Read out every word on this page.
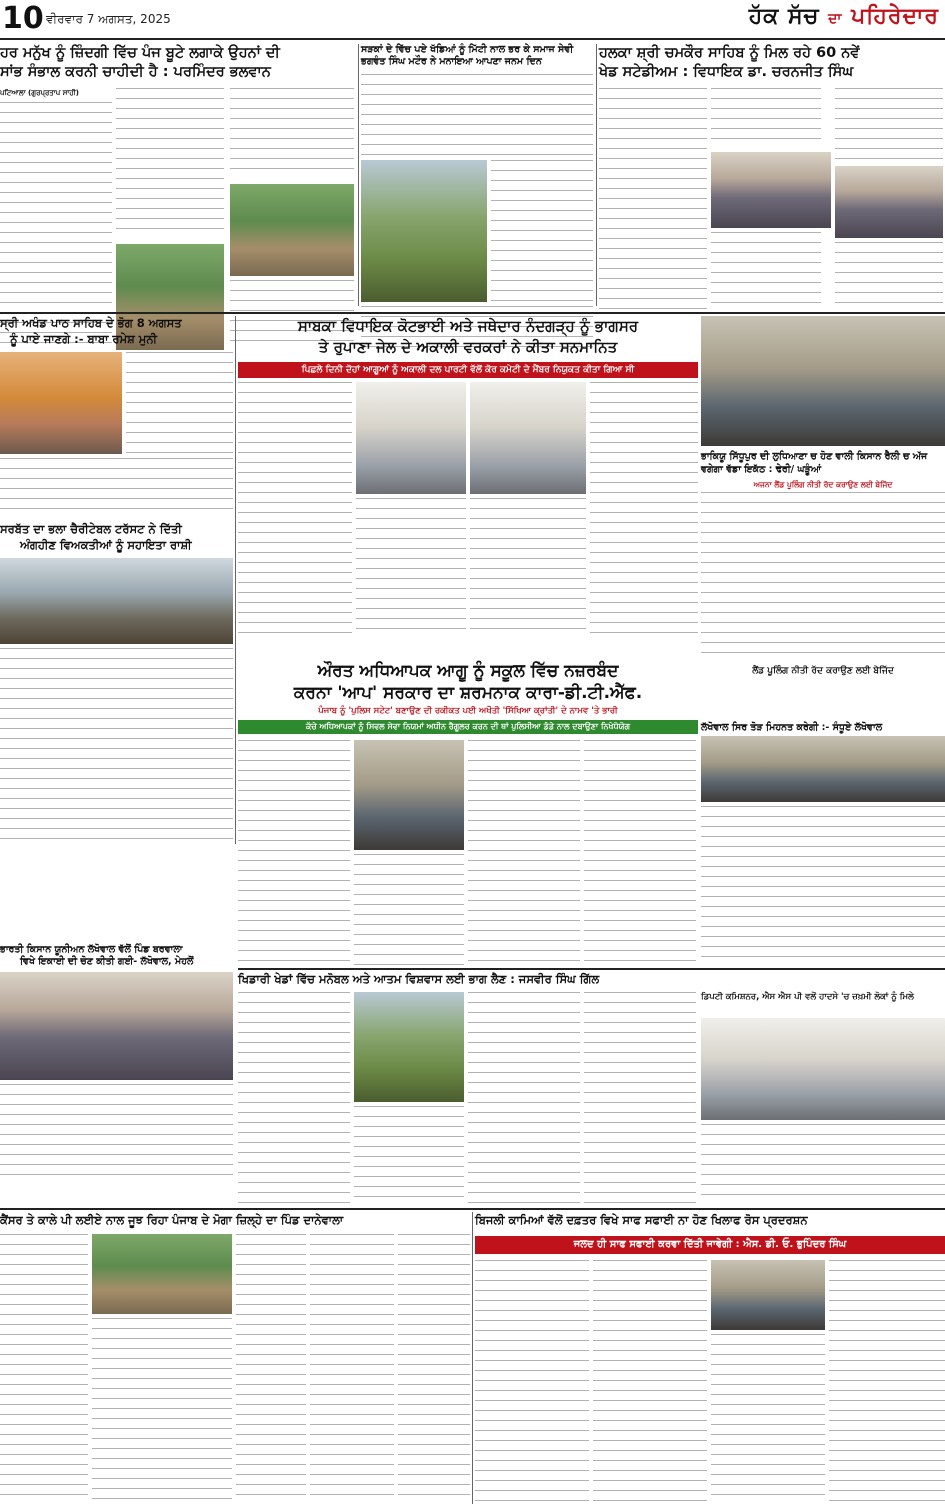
10 ਵੀਰਵਾਰ 7 ਅਗਸਤ, 2025	ਹੱਕ ਸੱਚ ਦਾ ਪਹਿਰੇਦਾਰ
ਹਰ ਮਨੁੱਖ ਨੂੰ ਜ਼ਿੰਦਗੀ ਵਿੱਚ ਪੰਜ ਬੂਟੇ ਲਗਾਕੇ ਉਹਨਾਂ ਦੀ
ਸਾਂਭ ਸੰਭਾਲ ਕਰਨੀ ਚਾਹੀਦੀ ਹੈ : ਪਰਮਿੰਦਰ ਭਲਵਾਨ
ਪਟਿਆਲਾ (ਗੁਰਪ੍ਰਤਾਪ ਸਾਹੀ)
ਸੜਕਾਂ ਦੇ ਵਿੱਚ ਪਏ ਖੱਡਿਆਂ ਨੂੰ ਮਿੱਟੀ ਨਾਲ ਭਰ ਕੇ ਸਮਾਜ ਸੇਵੀ ਭਗਵੰਤ ਸਿੰਘ ਮਟੌਰ ਨੇ ਮਨਾਇਆ ਆਪਣਾ ਜਨਮ ਦਿਨ
ਹਲਕਾ ਸ਼੍ਰੀ ਚਮਕੌਰ ਸਾਹਿਬ ਨੂੰ ਮਿਲ ਰਹੇ 60 ਨਵੇਂ
ਖੇਡ ਸਟੇਡੀਅਮ : ਵਿਧਾਇਕ ਡਾ. ਚਰਨਜੀਤ ਸਿੰਘ
ਸ੍ਰੀ ਅਖੰਡ ਪਾਠ ਸਾਹਿਬ ਦੇ ਭੋਗ 8 ਅਗਸਤ
ਨੂੰ ਪਾਏ ਜਾਣਗੇ :- ਬਾਬਾ ਰਮੇਸ਼ ਮੁਨੀ
ਸਰਬੱਤ ਦਾ ਭਲਾ ਚੈਰੀਟੇਬਲ ਟਰੱਸਟ ਨੇ ਦਿੱਤੀ
ਅੰਗਹੀਣ ਵਿਅਕਤੀਆਂ ਨੂੰ ਸਹਾਇਤਾ ਰਾਸ਼ੀ
ਸਾਬਕਾ ਵਿਧਾਇਕ ਕੋਟਭਾਈ ਅਤੇ ਜਥੇਦਾਰ ਨੰਦਗੜ੍ਹ ਨੂੰ ਭਾਗਸਰ
ਤੇ ਰੁਪਾਣਾ ਜੇਲ ਦੇ ਅਕਾਲੀ ਵਰਕਰਾਂ ਨੇ ਕੀਤਾ ਸਨਮਾਨਿਤ
ਪਿਛਲੇ ਦਿਨੀ ਦੋਹਾਂ ਆਗੂਆਂ ਨੂੰ ਅਕਾਲੀ ਦਲ ਪਾਰਟੀ ਵੱਲੋਂ ਕੋਰ ਕਮੇਟੀ ਦੇ ਮੈਂਬਰ ਨਿਯੁਕਤ ਕੀਤਾ ਗਿਆ ਸੀ
ਭਾਕਿਯੂ ਸਿੱਧੂਪੁਰ ਦੀ ਲੁਧਿਆਣਾ ਚ ਹੋਣ ਵਾਲੀ ਕਿਸਾਨ ਰੈਲੀ ਚ ਅੱਜ ਵਗੇਗਾ ਵੱਡਾ ਇਕੱਠ : ਢੇਰੀ/ ਘੜੂੰਆਂ
ਅਜਨਾ ਲੈਂਡ ਪੂਲਿੰਗ ਨੀਤੀ ਰੱਦ ਕਰਾਉਣ ਲਈ ਬੇਜਿੱਦ
ਲੈਂਡ ਪੂਲਿੰਗ ਨੀਤੀ ਰੱਦ ਕਰਾਉਣ ਲਈ ਬੇਜਿੱਦ
ਔਰਤ ਅਧਿਆਪਕ ਆਗੂ ਨੂੰ ਸਕੂਲ ਵਿੱਚ ਨਜ਼ਰਬੰਦ
ਕਰਨਾ 'ਆਪ' ਸਰਕਾਰ ਦਾ ਸ਼ਰਮਨਾਕ ਕਾਰਾ-ਡੀ.ਟੀ.ਐੱਫ.
ਪੰਜਾਬ ਨੂੰ 'ਪੁਲਿਸ ਸਟੇਟ' ਬਣਾਉਣ ਦੀ ਰਕੀਕਤ ਪਈ ਅਖੌਤੀ 'ਸਿੱਖਿਆ ਕ੍ਰਾਂਤੀ' ਦੇ ਨਾਮਵ 'ਤੇ ਭਾਰੀ
ਕੱਚੇ ਅਧਿਆਪਕਾਂ ਨੂੰ ਸਿਵਲ ਸੇਵਾ ਨਿਯਮਾਂ ਅਧੀਨ ਰੈਗੂਲਰ ਕਰਨ ਦੀ ਥਾਂ ਪੁਲਿਸੀਆ ਡੰਡੇ ਨਾਲ ਦਬਾਉਣਾ ਨਿਖੇਧੋਯੋਗ	ਲੱਖੋਵਾਲ ਸਿਰ ਤੋੜ ਮਿਹਨਤ ਕਰੇਗੀ :- ਸੰਧੂਏ ਲੱਖੋਵਾਲ
ਭਾਰਤੀ ਕਿਸਾਨ ਯੂਨੀਅਨ ਲੱਖੋਵਾਲ ਵੱਲੋਂ ਪਿੰਡ ਬਰਵਾਲਾ
ਵਿਖੇ ਇਕਾਈ ਦੀ ਚੋਣ ਕੀਤੀ ਗਈ- ਲੱਖੋਵਾਲ, ਮੇਹਲੋਂ
ਖਿਡਾਰੀ ਖੇਡਾਂ ਵਿੱਚ ਮਨੋਬਲ ਅਤੇ ਆਤਮ ਵਿਸ਼ਵਾਸ ਲਈ ਭਾਗ ਲੈਣ : ਜਸਵੀਰ ਸਿੰਘ ਗਿੱਲ
ਡਿਪਟੀ ਕਮਿਸ਼ਨਰ, ਐਸ ਐਸ ਪੀ ਵਲੋਂ ਹਾਦਸੇ 'ਚ ਜ਼ਖ਼ਮੀ ਲੋਕਾਂ ਨੂੰ ਮਿਲੇ
ਕੈਂਸਰ ਤੇ ਕਾਲੇ ਪੀ ਲਈਏ ਨਾਲ ਜੂਝ ਰਿਹਾ ਪੰਜਾਬ ਦੇ ਮੋਗਾ ਜ਼ਿਲ੍ਹੇ ਦਾ ਪਿੰਡ ਦਾਨੇਵਾਲਾ	ਬਿਜਲੀ ਕਾਮਿਆਂ ਵੱਲੋਂ ਦਫ਼ਤਰ ਵਿਖੇ ਸਾਫ ਸਫਾਈ ਨਾ ਹੋਣ ਖਿਲਾਫ ਰੋਸ ਪ੍ਰਦਰਸ਼ਨ
ਜਲਦ ਹੀ ਸਾਫ ਸਫਾਈ ਕਰਵਾ ਦਿੱਤੀ ਜਾਵੇਗੀ : ਐਸ. ਡੀ. ਓ. ਭੁਪਿੰਦਰ ਸਿੰਘ
